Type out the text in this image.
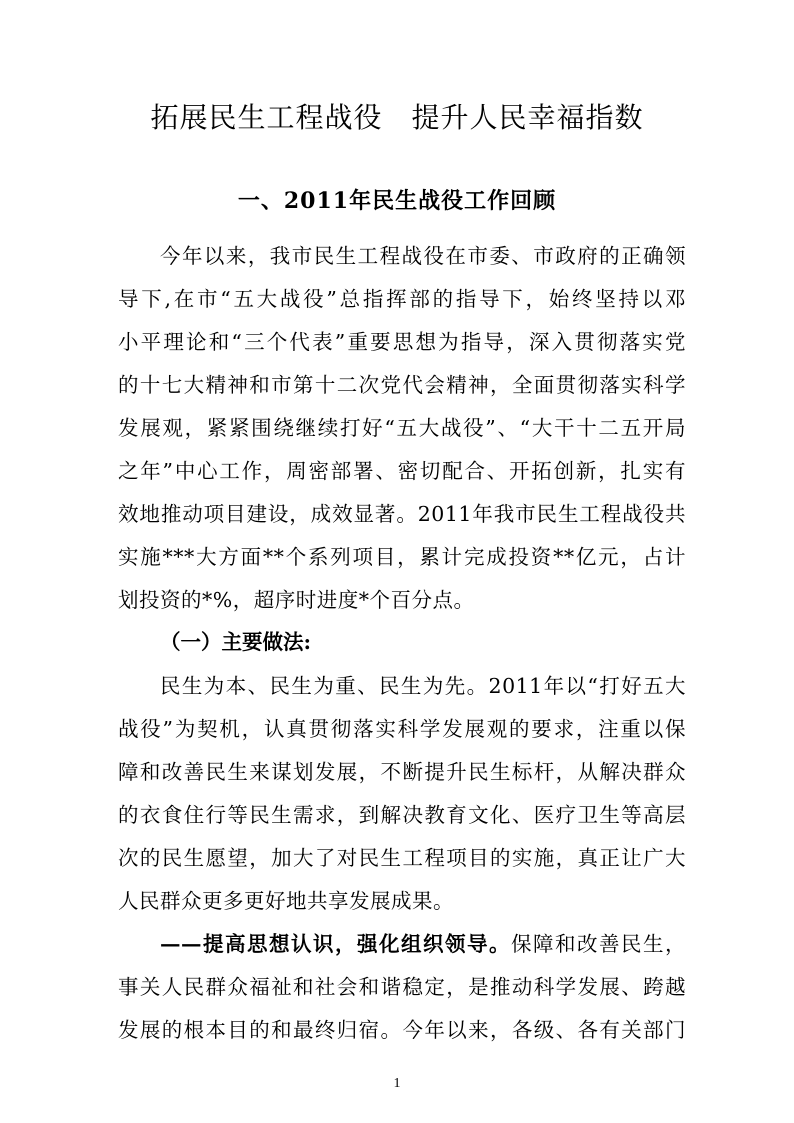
拓展民生工程战役　提升人民幸福指数
一、2011年民生战役工作回顾
今年以来，我市民生工程战役在市委、市政府的正确领
导下,在市“五大战役”总指挥部的指导下，始终坚持以邓
小平理论和“三个代表”重要思想为指导，深入贯彻落实党
的十七大精神和市第十二次党代会精神，全面贯彻落实科学
发展观，紧紧围绕继续打好“五大战役”、“大干十二五开局
之年”中心工作，周密部署、密切配合、开拓创新，扎实有
效地推动项目建设，成效显著。2011年我市民生工程战役共
实施***大方面**个系列项目，累计完成投资**亿元，占计
划投资的*%，超序时进度*个百分点。
（一）主要做法:
民生为本、民生为重、民生为先。2011年以“打好五大
战役”为契机，认真贯彻落实科学发展观的要求，注重以保
障和改善民生来谋划发展，不断提升民生标杆，从解决群众
的衣食住行等民生需求，到解决教育文化、医疗卫生等高层
次的民生愿望，加大了对民生工程项目的实施，真正让广大
人民群众更多更好地共享发展成果。
——提高思想认识，强化组织领导。保障和改善民生，
事关人民群众福祉和社会和谐稳定，是推动科学发展、跨越
发展的根本目的和最终归宿。今年以来，各级、各有关部门
1
